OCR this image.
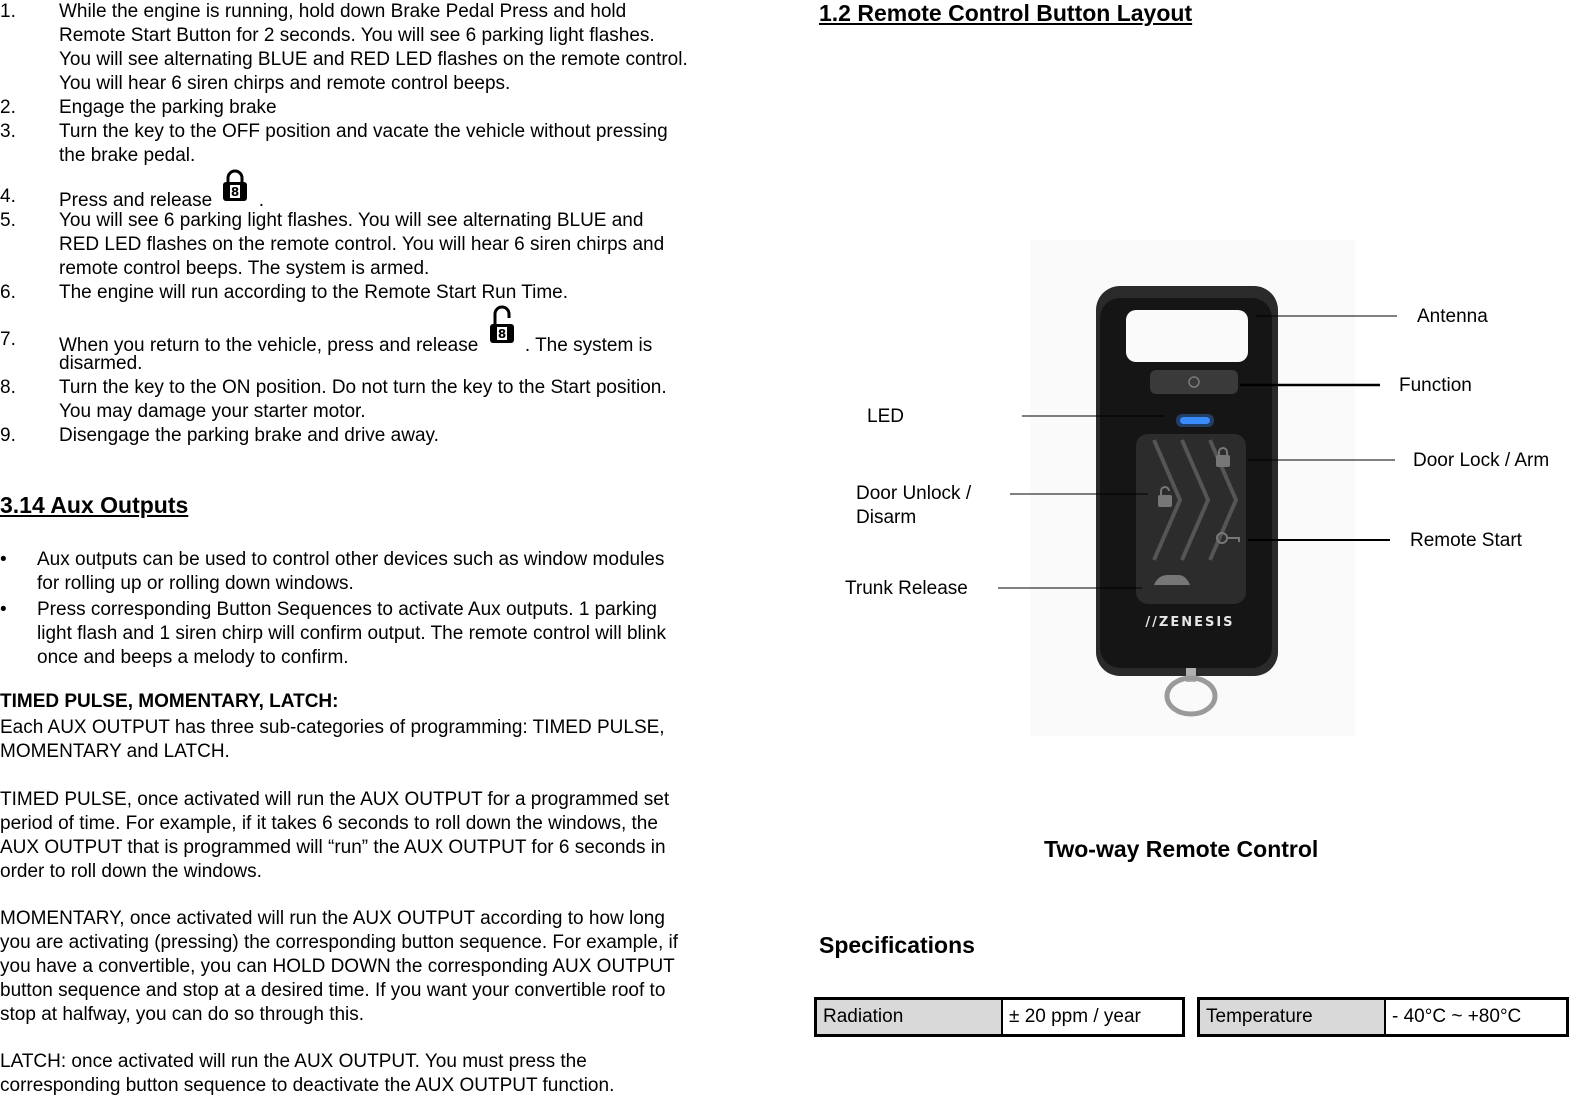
1. While the engine is running, hold down Brake Pedal Press and hold
Remote Start Button for 2 seconds. You will see 6 parking light flashes.
You will see alternating BLUE and RED LED flashes on the remote control.
You will hear 6 siren chirps and remote control beeps.
2. Engage the parking brake
3. Turn the key to the OFF position and vacate the vehicle without pressing
the brake pedal.
4. Press and release 8 .
5. You will see 6 parking light flashes. You will see alternating BLUE and
RED LED flashes on the remote control. You will hear 6 siren chirps and
remote control beeps. The system is armed.
6. The engine will run according to the Remote Start Run Time.
7. When you return to the vehicle, press and release
8
. The system is
disarmed.
8. Turn the key to the ON position. Do not turn the key to the Start position.
You may damage your starter motor.
9. Disengage the parking brake and drive away.
3.14 Aux Outputs
• Aux outputs can be used to control other devices such as window modules
for rolling up or rolling down windows.
• Press corresponding Button Sequences to activate Aux outputs. 1 parking
light flash and 1 siren chirp will confirm output. The remote control will blink
once and beeps a melody to confirm.
TIMED PULSE, MOMENTARY, LATCH:
Each AUX OUTPUT has three sub-categories of programming: TIMED PULSE,
MOMENTARY and LATCH.
TIMED PULSE, once activated will run the AUX OUTPUT for a programmed set
period of time. For example, if it takes 6 seconds to roll down the windows, the
AUX OUTPUT that is programmed will “run” the AUX OUTPUT for 6 seconds in
order to roll down the windows.
MOMENTARY, once activated will run the AUX OUTPUT according to how long
you are activating (pressing) the corresponding button sequence. For example, if
you have a convertible, you can HOLD DOWN the corresponding AUX OUTPUT
button sequence and stop at a desired time. If you want your convertible roof to
stop at halfway, you can do so through this.
LATCH: once activated will run the AUX OUTPUT. You must press the
corresponding button sequence to deactivate the AUX OUTPUT function.
1.2 Remote Control Button Layout
//ZENESIS
Antenna
Function
LED
Door Lock / Arm
Door Unlock /
Disarm
Remote Start
Trunk Release
Two-way Remote Control
Specifications
Radiation	± 20 ppm / year	Temperature	- 40°C ~ +80°C
